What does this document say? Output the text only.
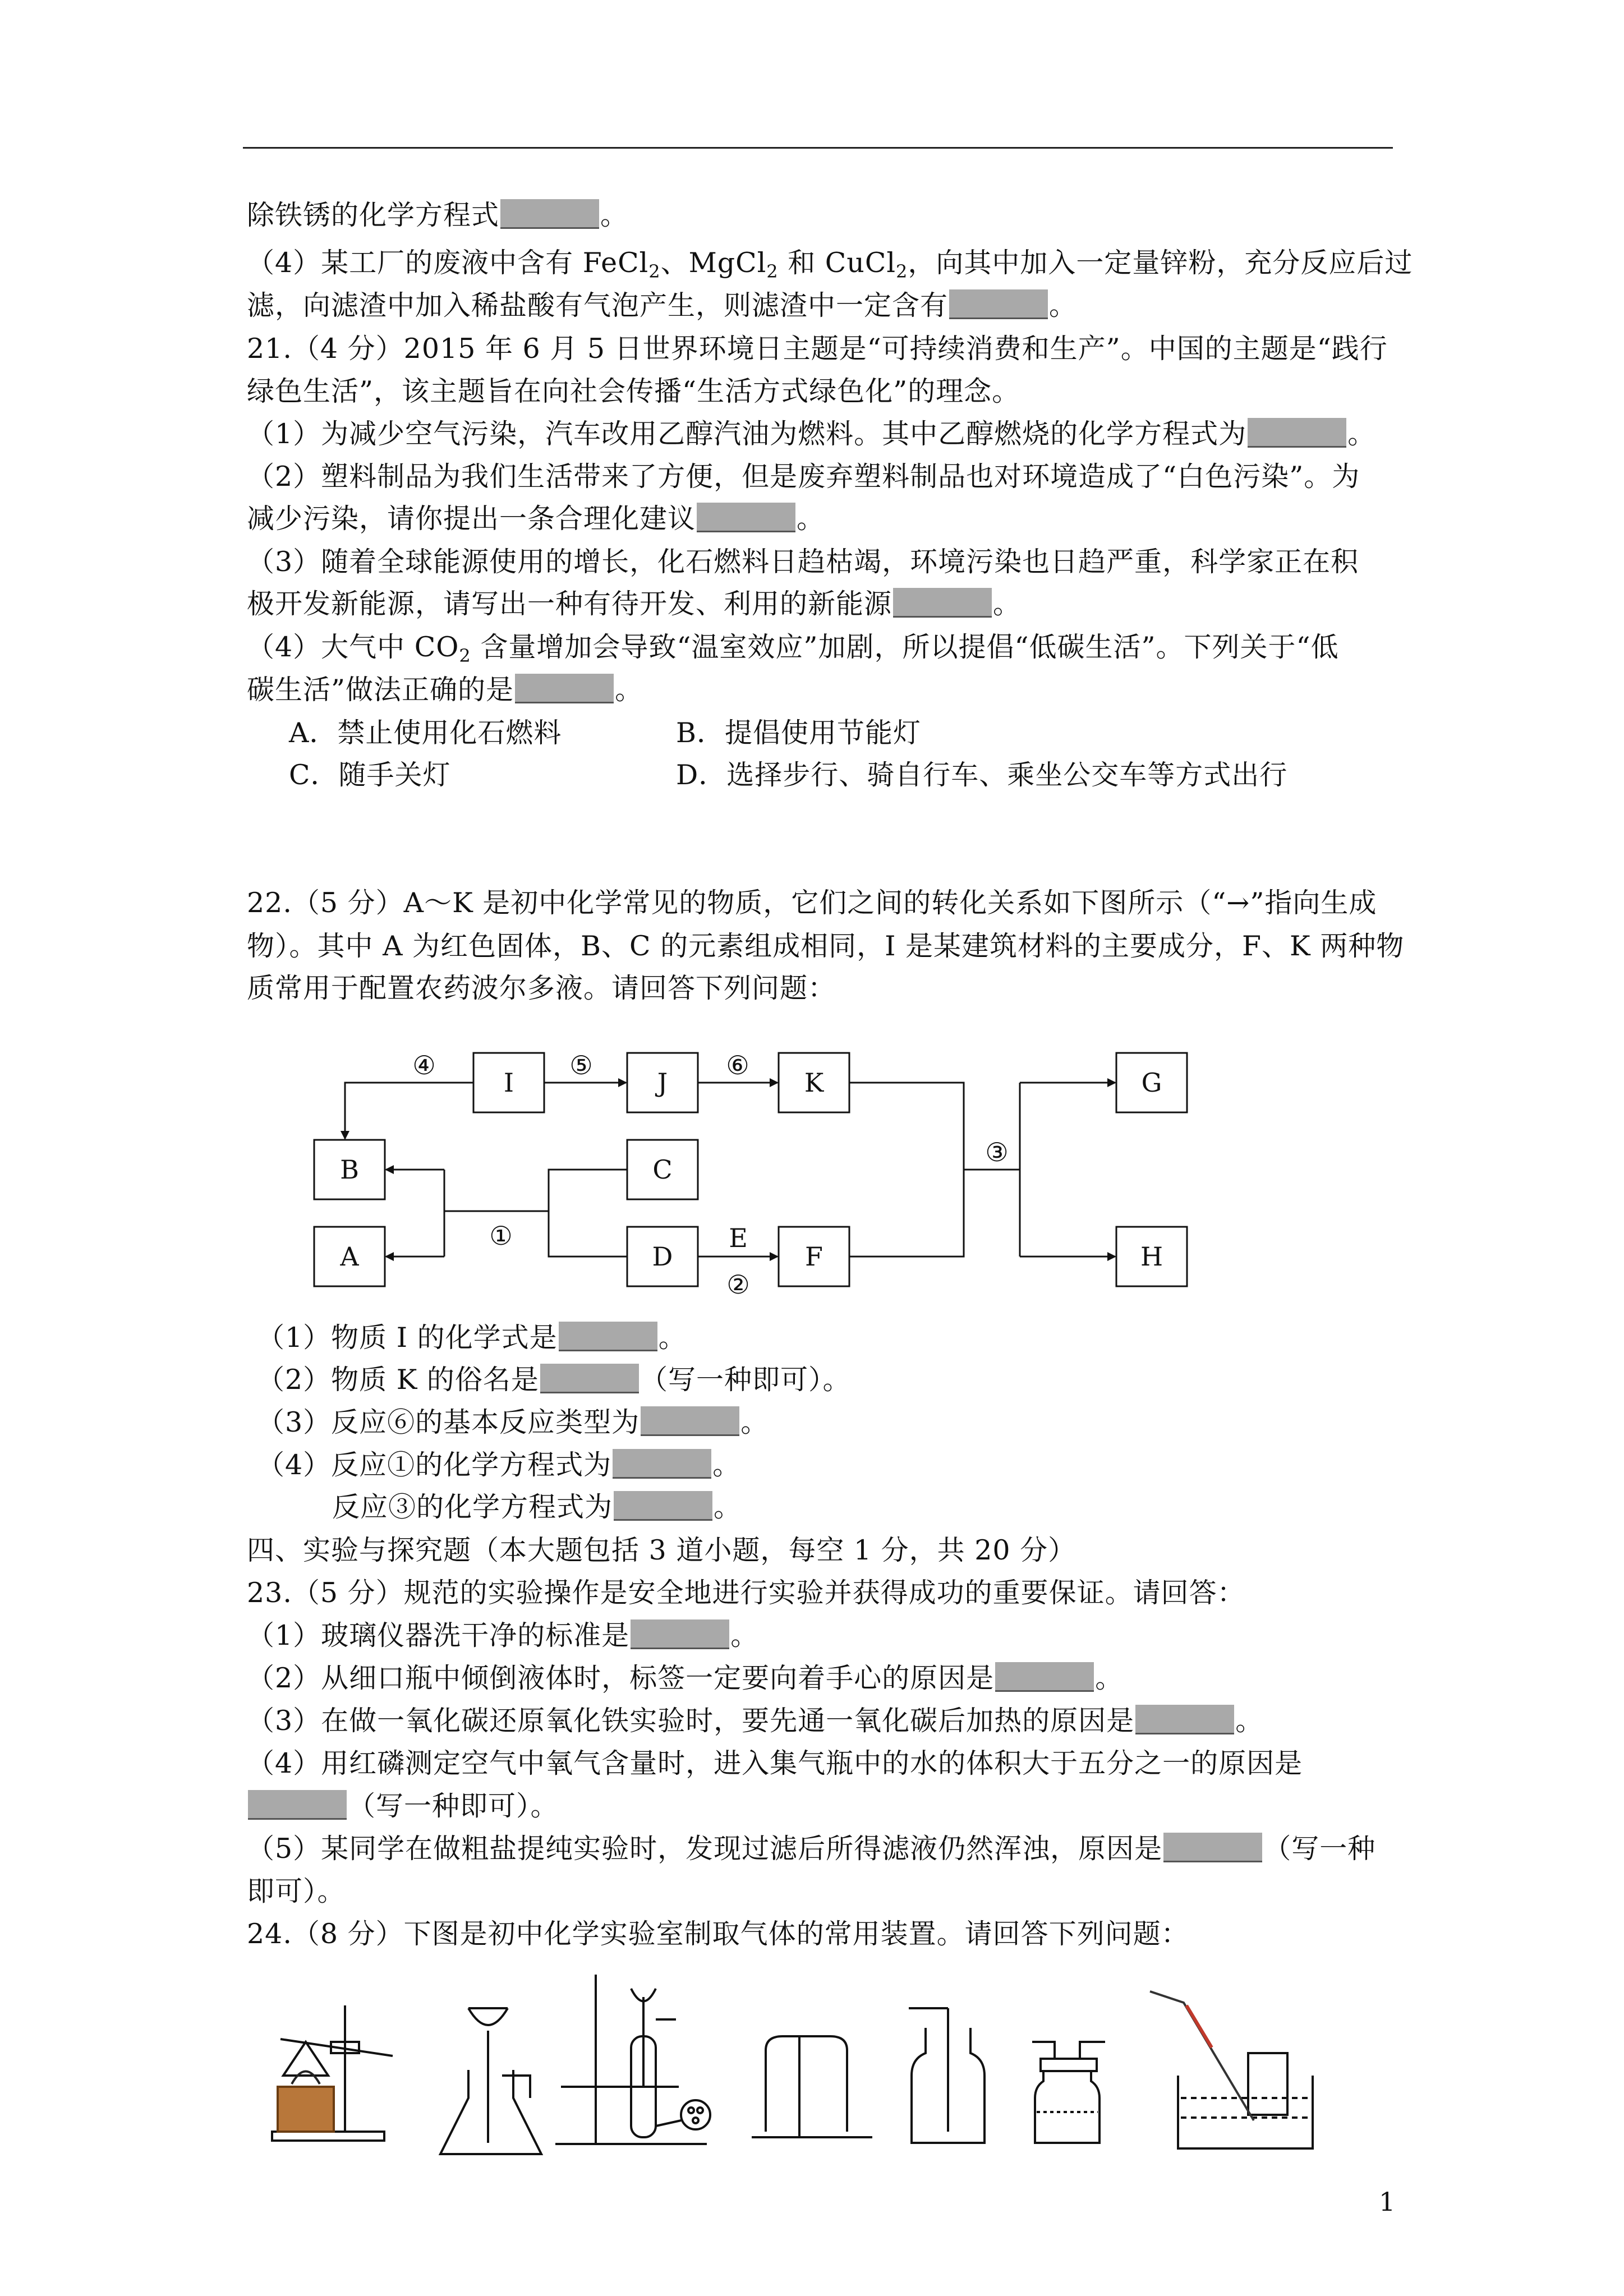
除铁锈的化学方程式	。
（4）某工厂的废液中含有 FeCl$_2$、MgCl$_2$ 和 CuCl$_2$，向其中加入一定量锌粉，充分反应后过
滤，向滤渣中加入稀盐酸有气泡产生，则滤渣中一定含有	。
21.（4 分）2015 年 6 月 5 日世界环境日主题是“可持续消费和生产”。中国的主题是“践行
绿色生活”，该主题旨在向社会传播“生活方式绿色化”的理念。
（1）为减少空气污染，汽车改用乙醇汽油为燃料。其中乙醇燃烧的化学方程式为	。
（2）塑料制品为我们生活带来了方便，但是废弃塑料制品也对环境造成了“白色污染”。为
减少污染，请你提出一条合理化建议	。
（3）随着全球能源使用的增长，化石燃料日趋枯竭，环境污染也日趋严重，科学家正在积
极开发新能源，请写出一种有待开发、利用的新能源	。
（4）大气中 $CO_2$ 含量增加会导致“温室效应”加剧，所以提倡“低碳生活”。下列关于“低
碳生活”做法正确的是	。
A．禁止使用化石燃料	B．提倡使用节能灯
C．随手关灯	D．选择步行、骑自行车、乘坐公交车等方式出行
22.（5 分）A～K 是初中化学常见的物质，它们之间的转化关系如下图所示（“→”指向生成
物）。其中 A 为红色固体，B、C 的元素组成相同，I 是某建筑材料的主要成分，F、K 两种物
质常用于配置农药波尔多液。请回答下列问题：
I	J	K	G
B	C
A	D	F	H
④	⑤	⑥
①	E
②
③
（1）物质 I 的化学式是	。
（2）物质 K 的俗名是	（写一种即可）。
（3）反应⑥的基本反应类型为	。
（4）反应①的化学方程式为	。
反应③的化学方程式为	。
四、实验与探究题（本大题包括 3 道小题，每空 1 分，共 20 分）
23.（5 分）规范的实验操作是安全地进行实验并获得成功的重要保证。请回答：
（1）玻璃仪器洗干净的标准是	。
（2）从细口瓶中倾倒液体时，标签一定要向着手心的原因是	。
（3）在做一氧化碳还原氧化铁实验时，要先通一氧化碳后加热的原因是	。
（4）用红磷测定空气中氧气含量时，进入集气瓶中的水的体积大于五分之一的原因是
（写一种即可）。
（5）某同学在做粗盐提纯实验时，发现过滤后所得滤液仍然浑浊，原因是	（写一种
即可）。
24.（8 分）下图是初中化学实验室制取气体的常用装置。请回答下列问题：
1
